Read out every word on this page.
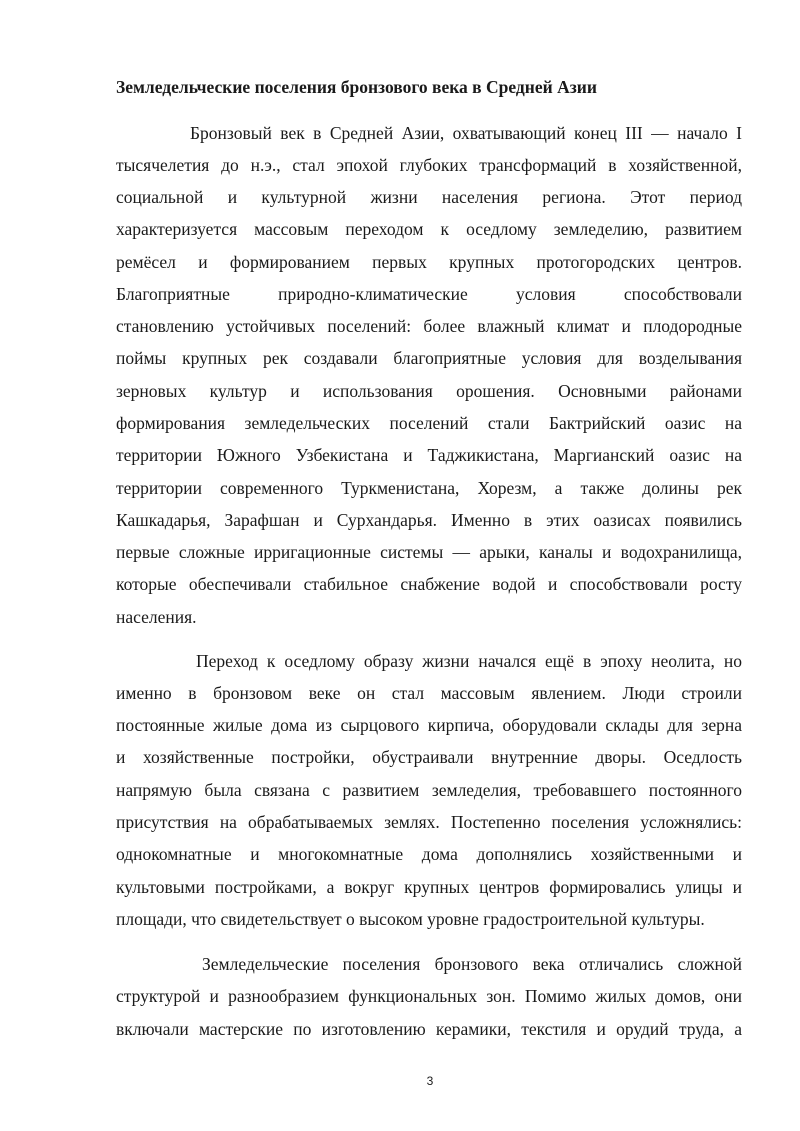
Земледельческие поселения бронзового века в Средней Азии
Бронзовый век в Средней Азии, охватывающий конец III — начало I
тысячелетия до н.э., стал эпохой глубоких трансформаций в хозяйственной,
социальной и культурной жизни населения региона. Этот период
характеризуется массовым переходом к оседлому земледелию, развитием
ремёсел и формированием первых крупных протогородских центров.
Благоприятные природно-климатические условия способствовали
становлению устойчивых поселений: более влажный климат и плодородные
поймы крупных рек создавали благоприятные условия для возделывания
зерновых культур и использования орошения. Основными районами
формирования земледельческих поселений стали Бактрийский оазис на
территории Южного Узбекистана и Таджикистана, Маргианский оазис на
территории современного Туркменистана, Хорезм, а также долины рек
Кашкадарья, Зарафшан и Сурхандарья. Именно в этих оазисах появились
первые сложные ирригационные системы — арыки, каналы и водохранилища,
которые обеспечивали стабильное снабжение водой и способствовали росту
населения.
Переход к оседлому образу жизни начался ещё в эпоху неолита, но
именно в бронзовом веке он стал массовым явлением. Люди строили
постоянные жилые дома из сырцового кирпича, оборудовали склады для зерна
и хозяйственные постройки, обустраивали внутренние дворы. Оседлость
напрямую была связана с развитием земледелия, требовавшего постоянного
присутствия на обрабатываемых землях. Постепенно поселения усложнялись:
однокомнатные и многокомнатные дома дополнялись хозяйственными и
культовыми постройками, а вокруг крупных центров формировались улицы и
площади, что свидетельствует о высоком уровне градостроительной культуры.
Земледельческие поселения бронзового века отличались сложной
структурой и разнообразием функциональных зон. Помимо жилых домов, они
включали мастерские по изготовлению керамики, текстиля и орудий труда, а
3
